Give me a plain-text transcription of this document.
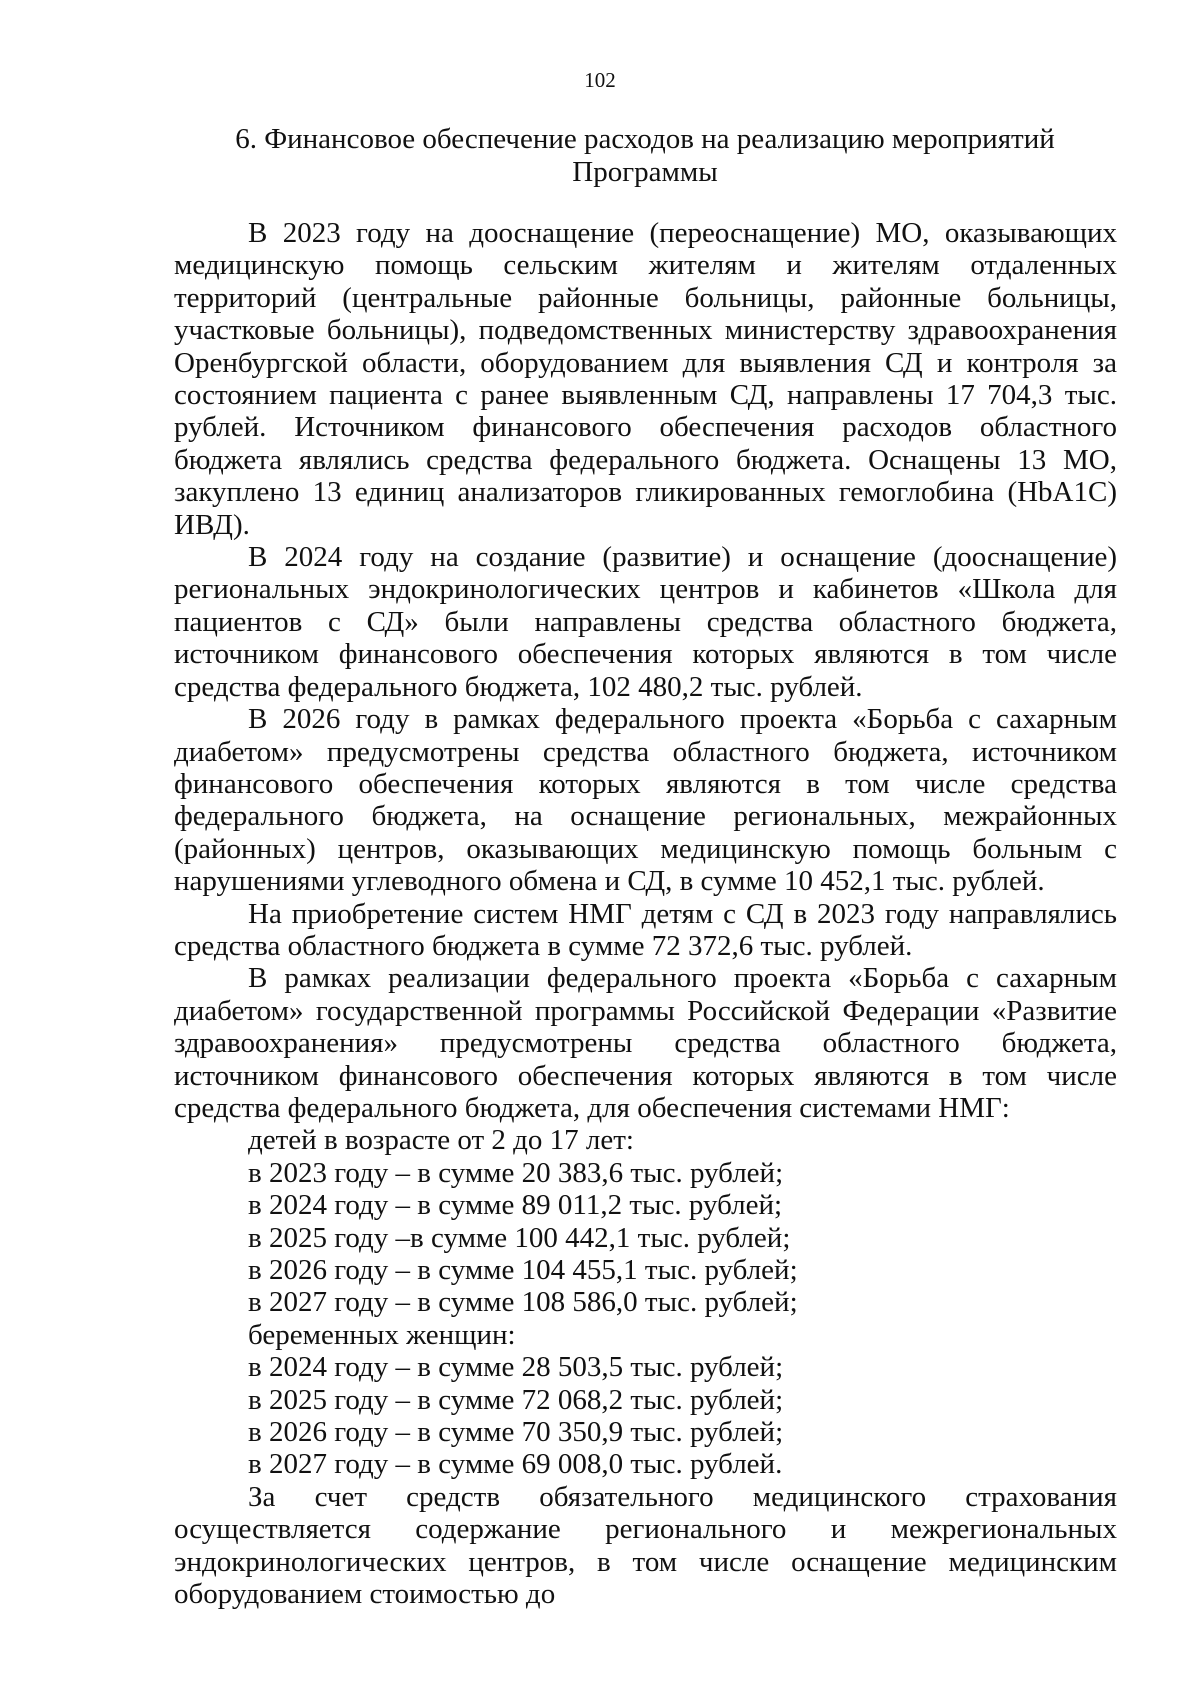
102
6. Финансовое обеспечение расходов на реализацию мероприятий
Программы

В 2023 году на дооснащение (переоснащение) МО, оказывающих медицинскую помощь сельским жителям и жителям отдаленных территорий (центральные районные больницы, районные больницы, участковые больницы), подведомственных министерству здравоохранения Оренбургской области, оборудованием для выявления СД и контроля за состоянием пациента с ранее выявленным СД, направлены 17 704,3 тыс. рублей. Источником финансового обеспечения расходов областного бюджета являлись средства федерального бюджета. Оснащены 13 МО, закуплено 13 единиц анализаторов гликированных гемоглобина (HbA1C) ИВД).

В 2024 году на создание (развитие) и оснащение (дооснащение) региональных эндокринологических центров и кабинетов «Школа для пациентов с СД» были направлены средства областного бюджета, источником финансового обеспечения которых являются в том числе средства федерального бюджета, 102 480,2 тыс. рублей.

В 2026 году в рамках федерального проекта «Борьба с сахарным диабетом» предусмотрены средства областного бюджета, источником финансового обеспечения которых являются в том числе средства федерального бюджета, на оснащение региональных, межрайонных (районных) центров, оказывающих медицинскую помощь больным с нарушениями углеводного обмена и СД, в сумме 10 452,1 тыс. рублей.

На приобретение систем НМГ детям с СД в 2023 году направлялись средства областного бюджета в сумме 72 372,6 тыс. рублей.

В рамках реализации федерального проекта «Борьба с сахарным диабетом» государственной программы Российской Федерации «Развитие здравоохранения» предусмотрены средства областного бюджета, источником финансового обеспечения которых являются в том числе средства федерального бюджета, для обеспечения системами НМГ:

детей в возрасте от 2 до 17 лет:

в 2023 году – в сумме 20 383,6 тыс. рублей;

в 2024 году – в сумме 89 011,2 тыс. рублей;

в 2025 году –в сумме 100 442,1 тыс. рублей;

в 2026 году – в сумме 104 455,1 тыс. рублей;

в 2027 году – в сумме 108 586,0 тыс. рублей;

беременных женщин:

в 2024 году – в сумме 28 503,5 тыс. рублей;

в 2025 году – в сумме 72 068,2 тыс. рублей;

в 2026 году – в сумме 70 350,9 тыс. рублей;

в 2027 году – в сумме 69 008,0 тыс. рублей.

За счет средств обязательного медицинского страхования осуществляется содержание регионального и межрегиональных эндокринологических центров, в том числе оснащение медицинским оборудованием стоимостью до
